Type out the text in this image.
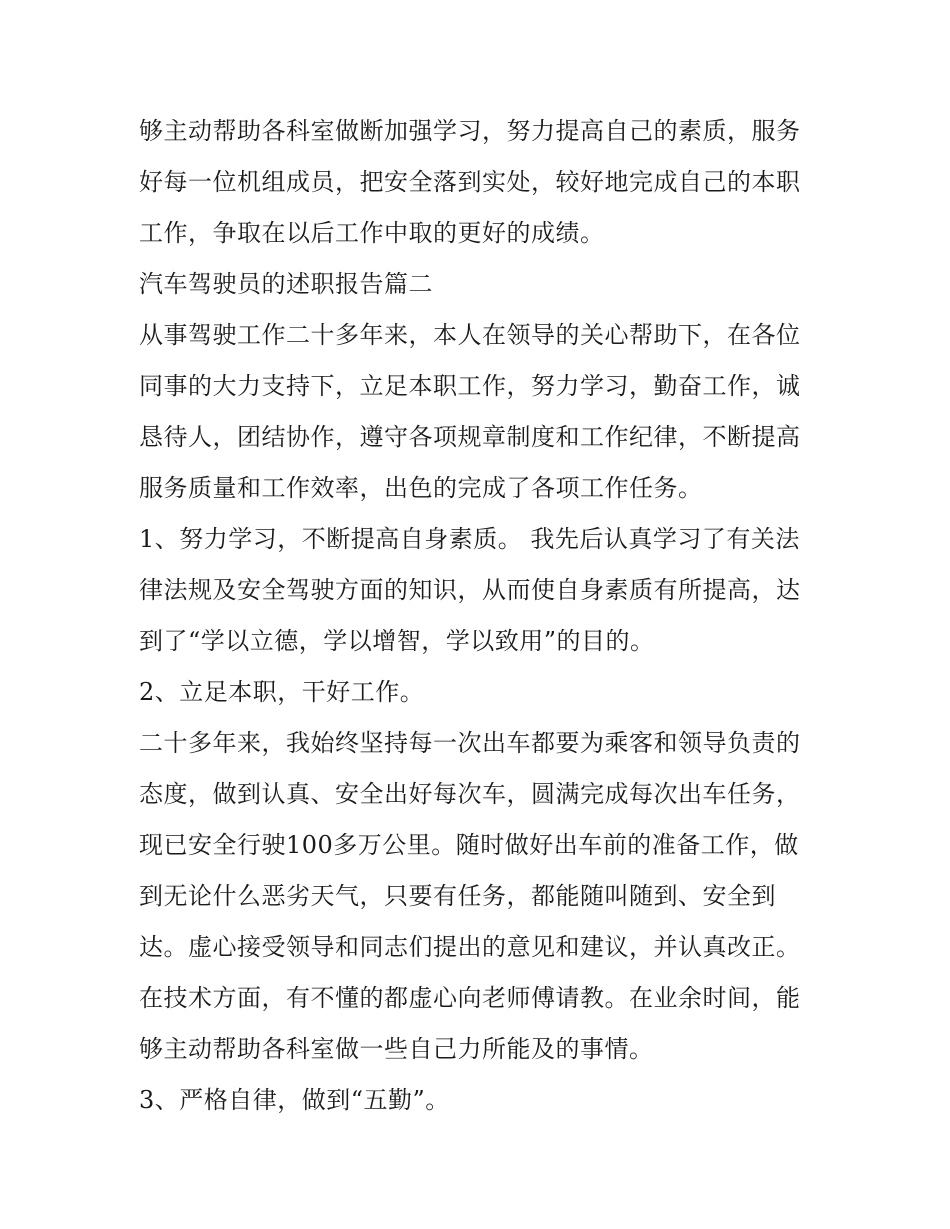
够主动帮助各科室做断加强学习，努力提高自己的素质，服务
好每一位机组成员，把安全落到实处，较好地完成自己的本职
工作，争取在以后工作中取的更好的成绩。
汽车驾驶员的述职报告篇二
从事驾驶工作二十多年来，本人在领导的关心帮助下，在各位
同事的大力支持下，立足本职工作，努力学习，勤奋工作，诚
恳待人，团结协作，遵守各项规章制度和工作纪律，不断提高
服务质量和工作效率，出色的完成了各项工作任务。
1、努力学习，不断提高自身素质。 我先后认真学习了有关法
律法规及安全驾驶方面的知识，从而使自身素质有所提高，达
到了“学以立德，学以增智，学以致用”的目的。
2、立足本职，干好工作。
二十多年来，我始终坚持每一次出车都要为乘客和领导负责的
态度，做到认真、安全出好每次车，圆满完成每次出车任务，
现已安全行驶100多万公里。随时做好出车前的准备工作，做
到无论什么恶劣天气，只要有任务，都能随叫随到、安全到
达。虚心接受领导和同志们提出的意见和建议，并认真改正。
在技术方面，有不懂的都虚心向老师傅请教。在业余时间，能
够主动帮助各科室做一些自己力所能及的事情。
3、严格自律，做到“五勤”。
